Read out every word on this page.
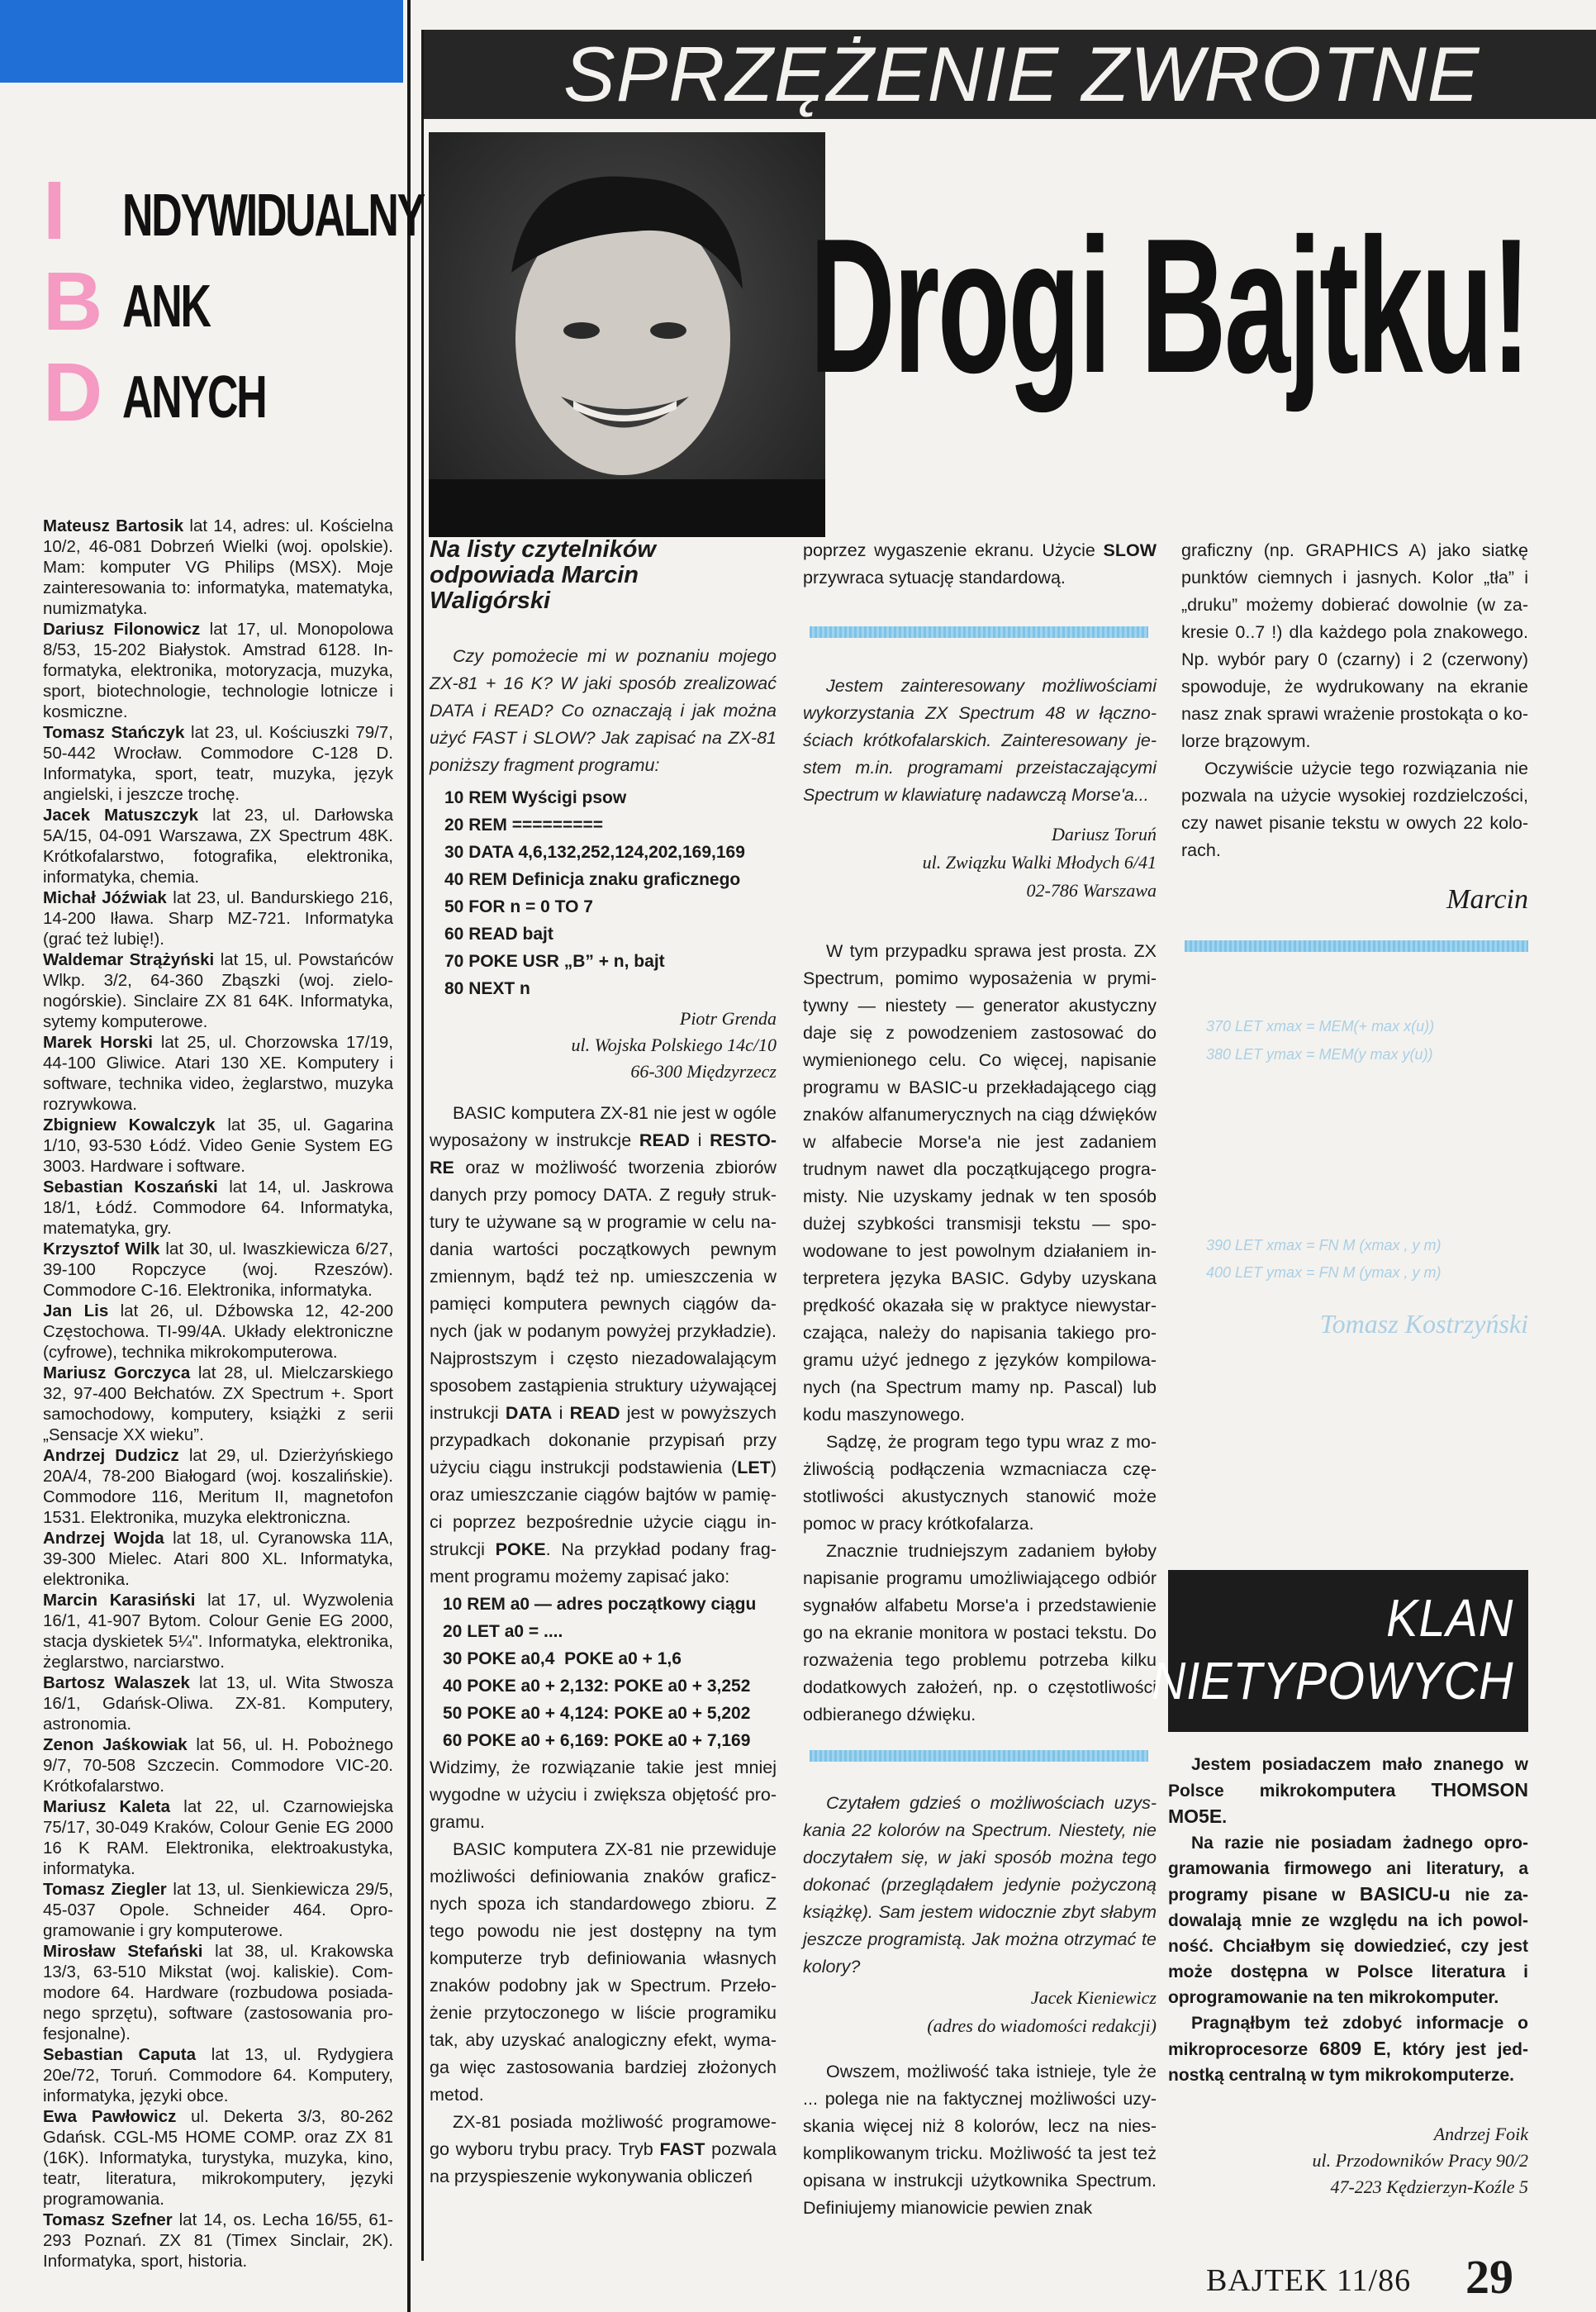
SPRZĘŻENIE ZWROTNE
I NDYWIDUALNY
B ANK
D ANYCH

Mateusz Bartosik lat 14, adres: ul. Kościelna 10/2, 46-081 Dobrzeń Wielki (woj. opolskie). Mam: komputer VG Philips (MSX). Moje zainteresowania to: informatyka, matematyka, numizmatyka.

Dariusz Filonowicz lat 17, ul. Monopolowa 8/53, 15-202 Białystok. Amstrad 6128. Informatyka, elektronika, motoryzacja, muzyka, sport, biotechnologie, technologie lotnicze i kosmiczne.

Tomasz Stańczyk lat 23, ul. Kościuszki 79/7, 50-442 Wrocław. Commodore C-128 D. Informatyka, sport, teatr, muzyka, język angielski, i jeszcze trochę.

Jacek Matuszczyk lat 23, ul. Darłowska 5A/15, 04-091 Warszawa, ZX Spectrum 48K. Krótkofalarstwo, fotografika, elektronika, informatyka, chemia.

Michał Jóźwiak lat 23, ul. Bandurskiego 216, 14-200 Iława. Sharp MZ-721. Informatyka (grać też lubię!).

Waldemar Strążyński lat 15, ul. Powstańców Wlkp. 3/2, 64-360 Zbąszki (woj. zielonogórskie). Sinclaire ZX 81 64K. Informatyka, sytemy komputerowe.

Marek Horski lat 25, ul. Chorzowska 17/19, 44-100 Gliwice. Atari 130 XE. Komputery i software, technika video, żeglarstwo, muzyka rozrywkowa.

Zbigniew Kowalczyk lat 35, ul. Gagarina 1/10, 93-530 Łódź. Video Genie System EG 3003. Hardware i software.

Sebastian Koszański lat 14, ul. Jaskrowa 18/1, Łódź. Commodore 64. Informatyka, matematyka, gry.

Krzysztof Wilk lat 30, ul. Iwaszkiewicza 6/27, 39-100 Ropczyce (woj. Rzeszów). Commodore C-16. Elektronika, informatyka.

Jan Lis lat 26, ul. Dźbowska 12, 42-200 Częstochowa. TI-99/4A. Układy elektroniczne (cyfrowe), technika mikrokomputerowa.

Mariusz Gorczyca lat 28, ul. Mielczarskiego 32, 97-400 Bełchatów. ZX Spectrum +. Sport samochodowy, komputery, książki z serii „Sensacje XX wieku”.

Andrzej Dudzicz lat 29, ul. Dzierżyńskiego 20A/4, 78-200 Białogard (woj. koszalińskie). Commodore 116, Meritum II, magnetofon 1531. Elektronika, muzyka elektroniczna.

Andrzej Wojda lat 18, ul. Cyranowska 11A, 39-300 Mielec. Atari 800 XL. Informatyka, elektronika.

Marcin Karasiński lat 17, ul. Wyzwolenia 16/1, 41-907 Bytom. Colour Genie EG 2000, stacja dyskietek 5¼". Informatyka, elektronika, żeglarstwo, narciarstwo.

Bartosz Walaszek lat 13, ul. Wita Stwosza 16/1, Gdańsk-Oliwa. ZX-81. Komputery, astronomia.

Zenon Jaśkowiak lat 56, ul. H. Pobożnego 9/7, 70-508 Szczecin. Commodore VIC-20. Krótkofalarstwo.

Mariusz Kaleta lat 22, ul. Czarnowiejska 75/17, 30-049 Kraków, Colour Genie EG 2000 16 K RAM. Elektronika, elektroakustyka, informatyka.

Tomasz Ziegler lat 13, ul. Sienkiewicza 29/5, 45-037 Opole. Schneider 464. Oprogramowanie i gry komputerowe.

Mirosław Stefański lat 38, ul. Krakowska 13/3, 63-510 Mikstat (woj. kaliskie). Commodore 64. Hardware (rozbudowa posiadanego sprzętu), software (zastosowania profesjonalne).

Sebastian Caputa lat 13, ul. Rydygiera 20e/72, Toruń. Commodore 64. Komputery, informatyka, języki obce.

Ewa Pawłowicz ul. Dekerta 3/3, 80-262 Gdańsk. CGL-M5 HOME COMP. oraz ZX 81 (16K). Informatyka, turystyka, muzyka, kino, teatr, literatura, mikrokomputery, języki programowania.

Tomasz Szefner lat 14, os. Lecha 16/55, 61-293 Poznań. ZX 81 (Timex Sinclair, 2K). Informatyka, sport, historia.

Drogi Bajtku!
Na listy czytelników odpowiada Marcin Waligórski
Czy pomożecie mi w poznaniu mojego ZX-81 + 16 K? W jaki sposób zrealizować DATA i READ? Co oznaczają i jak można użyć FAST i SLOW? Jak zapisać na ZX-81 poniższy fragment programu:
10 REM Wyścigi psow
20 REM =========
30 DATA 4,6,132,252,124,202,169,169
40 REM Definicja znaku graficznego
50 FOR n = 0 TO 7
60 READ bajt
70 POKE USR „B” + n, bajt
80 NEXT n
Piotr Grenda
ul. Wojska Polskiego 14c/10
66-300 Międzyrzecz
BASIC komputera ZX-81 nie jest w ogóle wyposażony w instrukcje READ i RESTORE oraz w możliwość tworzenia zbiorów danych przy pomocy DATA. Z reguły struktury te używane są w programie w celu nadania wartości początkowych pewnym zmiennym, bądź też np. umieszczenia w pamięci komputera pewnych ciągów danych (jak w podanym powyżej przykładzie). Najprostszym i często niezadowalającym sposobem zastąpienia struktury używającej instrukcji DATA i READ jest w powyższych przypadkach dokonanie przypisań przy użyciu ciągu instrukcji podstawienia (LET) oraz umieszczanie ciągów bajtów w pamięci poprzez bezpośrednie użycie ciągu instrukcji POKE. Na przykład podany fragment programu możemy zapisać jako:
10 REM a0 — adres początkowy ciągu
20 LET a0 = ....
30 POKE a0,4  POKE a0 + 1,6
40 POKE a0 + 2,132: POKE a0 + 3,252
50 POKE a0 + 4,124: POKE a0 + 5,202
60 POKE a0 + 6,169: POKE a0 + 7,169
Widzimy, że rozwiązanie takie jest mniej wygodne w użyciu i zwiększa objętość programu.
BASIC komputera ZX-81 nie przewiduje możliwości definiowania znaków graficznych spoza ich standardowego zbioru. Z tego powodu nie jest dostępny na tym komputerze tryb definiowania własnych znaków podobny jak w Spectrum. Przełożenie przytoczonego w liście programiku tak, aby uzyskać analogiczny efekt, wymaga więc zastosowania bardziej złożonych metod.
ZX-81 posiada możliwość programowego wyboru trybu pracy. Tryb FAST pozwala na przyspieszenie wykonywania obliczeń
poprzez wygaszenie ekranu. Użycie SLOW przywraca sytuację standardową.
Jestem zainteresowany możliwościami wykorzystania ZX Spectrum 48 w łącznościach krótkofalarskich. Zainteresowany jestem m.in. programami przeistaczającymi Spectrum w klawiaturę nadawczą Morse'a...
Dariusz Toruń
ul. Związku Walki Młodych 6/41
02-786 Warszawa
W tym przypadku sprawa jest prosta. ZX Spectrum, pomimo wyposażenia w prymitywny — niestety — generator akustyczny daje się z powodzeniem zastosować do wymienionego celu. Co więcej, napisanie programu w BASIC-u przekładającego ciąg znaków alfanumerycznych na ciąg dźwięków w alfabecie Morse'a nie jest zadaniem trudnym nawet dla początkującego programisty. Nie uzyskamy jednak w ten sposób dużej szybkości transmisji tekstu — spowodowane to jest powolnym działaniem interpretera języka BASIC. Gdyby uzyskana prędkość okazała się w praktyce niewystarczająca, należy do napisania takiego programu użyć jednego z języków kompilowanych (na Spectrum mamy np. Pascal) lub kodu maszynowego.
Sądzę, że program tego typu wraz z możliwością podłączenia wzmacniacza częstotliwości akustycznych stanowić może pomoc w pracy krótkofalarza.
Znacznie trudniejszym zadaniem byłoby napisanie programu umożliwiającego odbiór sygnałów alfabetu Morse'a i przedstawienie go na ekranie monitora w postaci tekstu. Do rozważenia tego problemu potrzeba kilku dodatkowych założeń, np. o częstotliwości odbieranego dźwięku.
Czytałem gdzieś o możliwościach uzyskania 22 kolorów na Spectrum. Niestety, nie doczytałem się, w jaki sposób można tego dokonać (przeglądałem jedynie pożyczoną książkę). Sam jestem widocznie zbyt słabym jeszcze programistą. Jak można otrzymać te kolory?
Jacek Kieniewicz
(adres do wiadomości redakcji)
Owszem, możliwość taka istnieje, tyle że ... polega nie na faktycznej możliwości uzyskania więcej niż 8 kolorów, lecz na nieskomplikowanym tricku. Możliwość ta jest też opisana w instrukcji użytkownika Spectrum. Definiujemy mianowicie pewien znak
graficzny (np. GRAPHICS A) jako siatkę punktów ciemnych i jasnych. Kolor „tła” i „druku” możemy dobierać dowolnie (w zakresie 0..7 !) dla każdego pola znakowego. Np. wybór pary 0 (czarny) i 2 (czerwony) spowoduje, że wydrukowany na ekranie nasz znak sprawi wrażenie prostokąta o kolorze brązowym.
Oczywiście użycie tego rozwiązania nie pozwala na użycie wysokiej rozdzielczości, czy nawet pisanie tekstu w owych 22 kolorach.
Marcin
370 LET xmax = MEM(+ max x(u))
380 LET ymax = MEM(y max y(u))
390 LET xmax = FN M (xmax , y m)
400 LET ymax = FN M (ymax , y m)
Tomasz Kostrzyński
KLAN
NIETYPOWYCH
Jestem posiadaczem mało znanego w Polsce mikrokomputera THOMSON MO5E.
Na razie nie posiadam żadnego oprogramowania firmowego ani literatury, a programy pisane w BASICU-u nie zadowalają mnie ze względu na ich powolność. Chciałbym się dowiedzieć, czy jest może dostępna w Polsce literatura i oprogramowanie na ten mikrokomputer.
Pragnąłbym też zdobyć informacje o mikroprocesorze 6809 E, który jest jednostką centralną w tym mikrokomputerze.
Andrzej Foik
ul. Przodowników Pracy 90/2
47-223 Kędzierzyn-Koźle 5
BAJTEK 11/86 29
